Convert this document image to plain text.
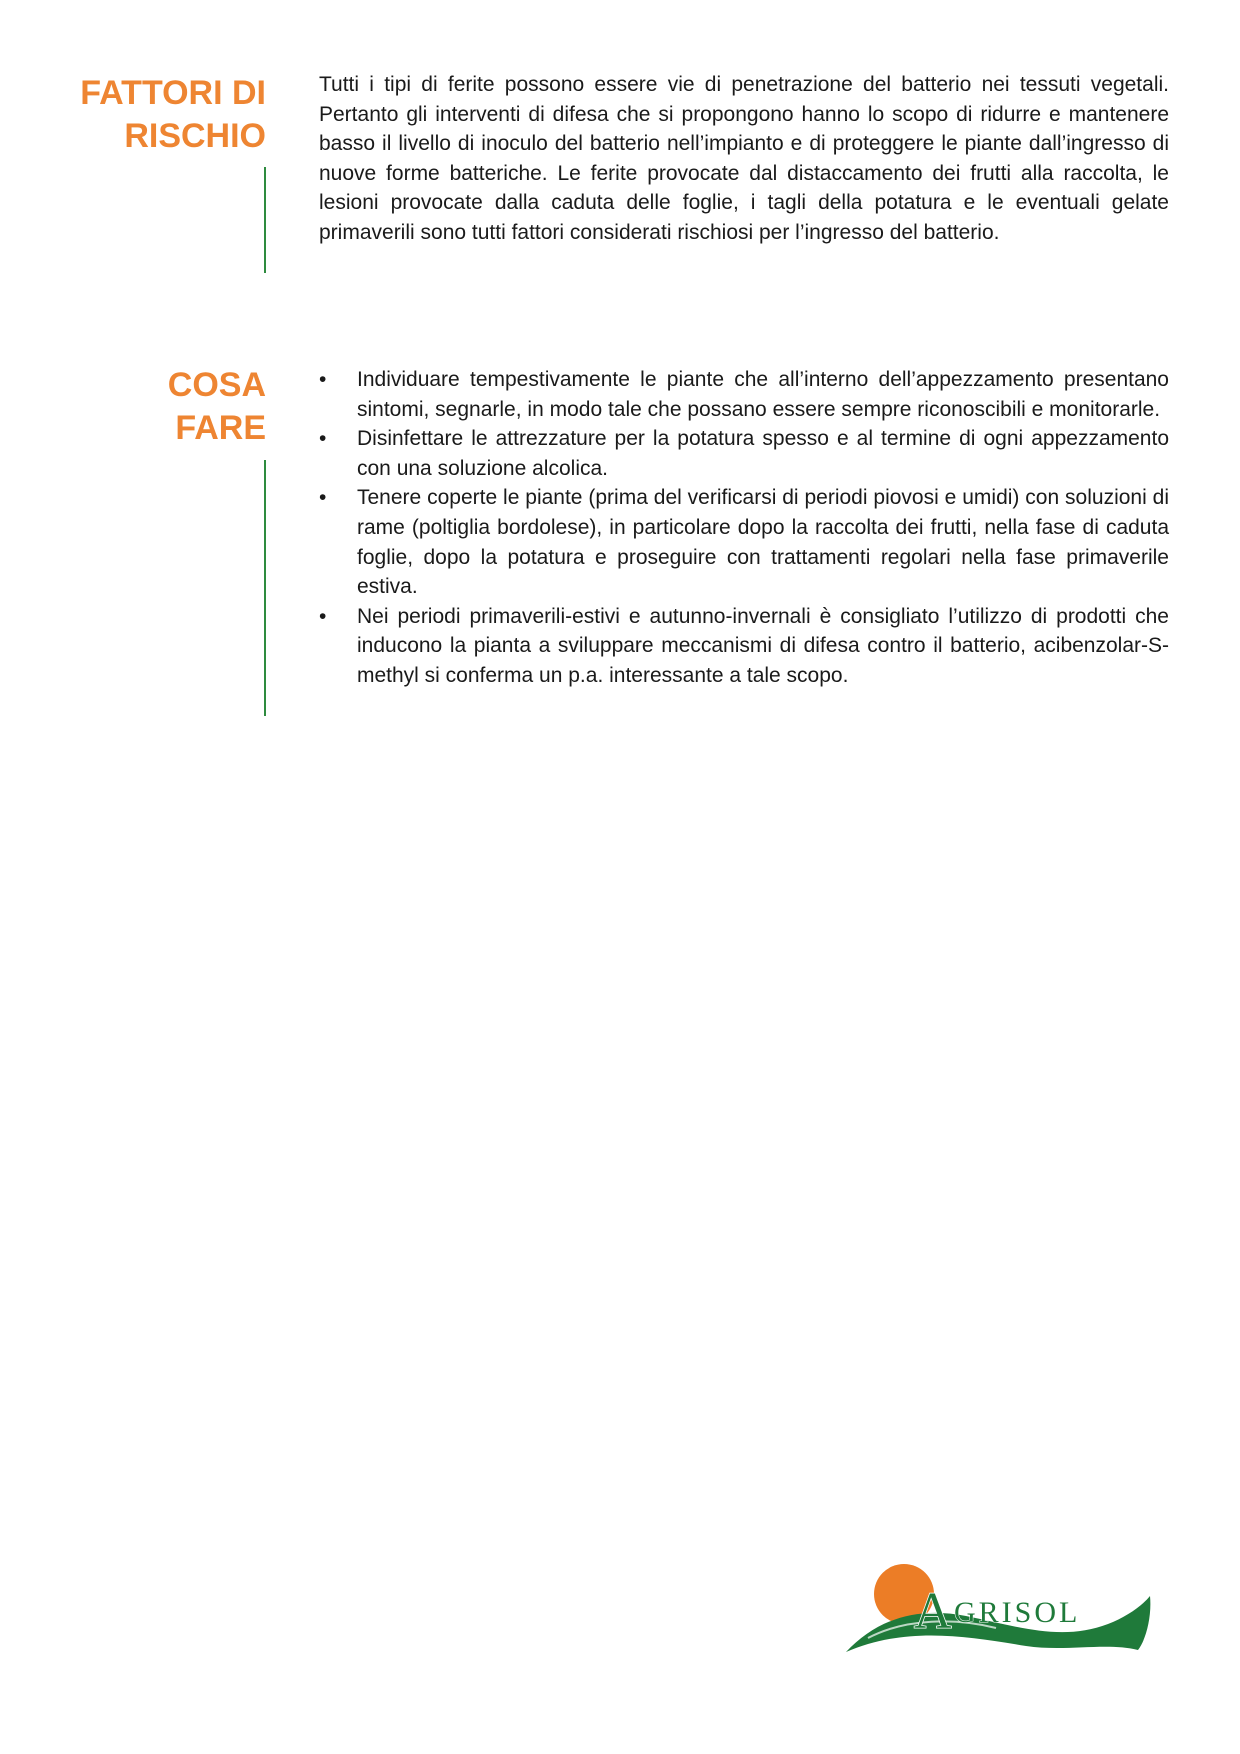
FATTORI DI
RISCHIO

Tutti i tipi di ferite possono essere vie di penetrazione del batterio nei tessuti vegetali. Pertanto gli interventi di difesa che si propongono hanno lo scopo di ridurre e mantenere basso il livello di inoculo del batterio nell’impianto e di proteggere le piante dall’ingresso di nuove forme batteriche. Le ferite provocate dal distaccamento dei frutti alla raccolta, le lesioni provocate dalla caduta delle foglie, i tagli della potatura e le eventuali gelate primaverili sono tutti fattori considerati rischiosi per l’ingresso del batterio.

COSA
FARE
• Individuare tempestivamente le piante che all’interno dell’appezzamento presentano sintomi, segnarle, in modo tale che possano essere sempre riconoscibili e monitorarle.
• Disinfettare le attrezzature per la potatura spesso e al termine di ogni appezzamento con una soluzione alcolica.
• Tenere coperte le piante (prima del verificarsi di periodi piovosi e umidi) con soluzioni di rame (poltiglia bordolese), in particolare dopo la raccolta dei frutti, nella fase di caduta foglie, dopo la potatura e proseguire con trattamenti regolari nella fase primaverile estiva.
• Nei periodi primaverili-estivi e autunno-invernali è consigliato l’utilizzo di prodotti che inducono la pianta a sviluppare meccanismi di difesa contro il batterio, acibenzolar-S-methyl si conferma un p.a. interessante a tale scopo.
A GRISOL
